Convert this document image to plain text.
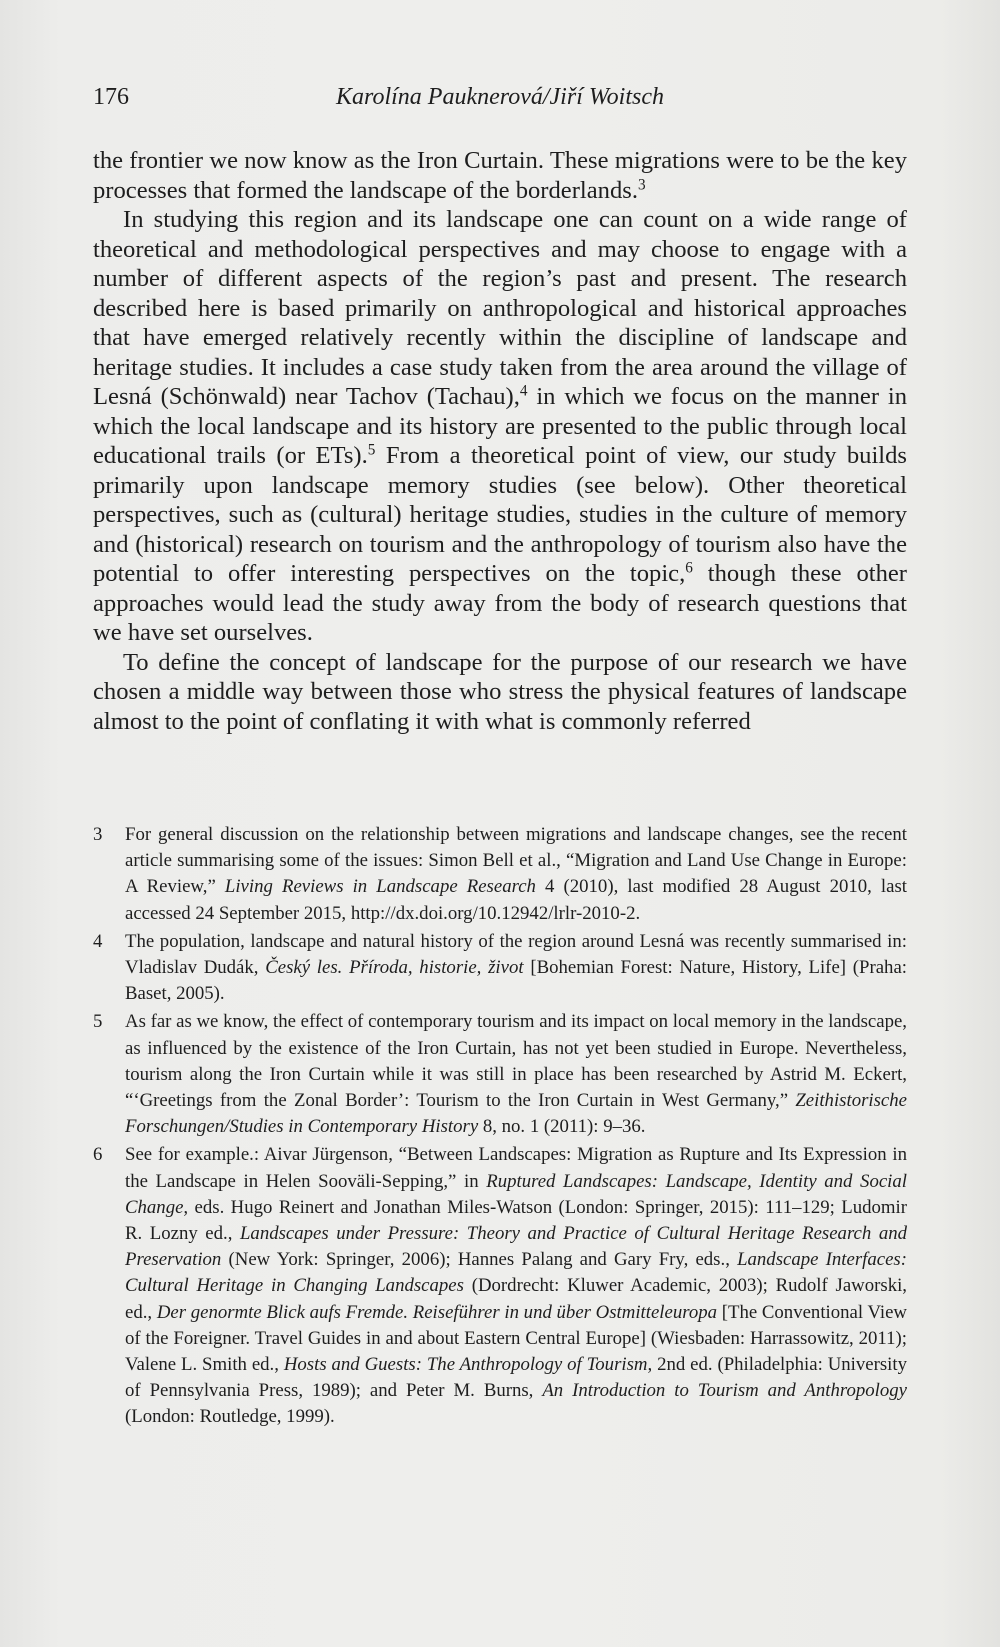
176	Karolína Pauknerová/Jiří Woitsch

the frontier we now know as the Iron Curtain. These migrations were to be the key processes that formed the landscape of the borderlands.$^3$

In studying this region and its landscape one can count on a wide range of theoretical and methodological perspectives and may choose to engage with a number of different aspects of the region’s past and present. The research described here is based primarily on anthropological and historical approaches that have emerged relatively recently within the discipline of landscape and heritage studies. It includes a case study taken from the area around the village of Lesná (Schönwald) near Tachov (Tachau),$^4$ in which we focus on the manner in which the local landscape and its history are presented to the public through local educational trails (or ETs).$^5$ From a theoretical point of view, our study builds primarily upon landscape memory studies (see below). Other theoretical perspectives, such as (cultural) heritage studies, studies in the culture of memory and (historical) research on tourism and the anthropology of tourism also have the potential to offer interesting perspectives on the topic,$^6$ though these other approaches would lead the study away from the body of research questions that we have set ourselves.

To define the concept of landscape for the purpose of our research we have chosen a middle way between those who stress the physical features of landscape almost to the point of conflating it with what is commonly referred

3 For general discussion on the relationship between migrations and landscape changes, see the recent article summarising some of the issues: Simon Bell et al., “Migration and Land Use Change in Europe: A Review,” Living Reviews in Landscape Research 4 (2010), last modified 28 August 2010, last accessed 24 September 2015, http://dx.doi.org/10.12942/lrlr-2010-2.
4 The population, landscape and natural history of the region around Lesná was recently summarised in: Vladislav Dudák, Český les. Příroda, historie, život [Bohemian Forest: Nature, History, Life] (Praha: Baset, 2005).
5 As far as we know, the effect of contemporary tourism and its impact on local memory in the landscape, as influenced by the existence of the Iron Curtain, has not yet been studied in Europe. Nevertheless, tourism along the Iron Curtain while it was still in place has been researched by Astrid M. Eckert, “‘Greetings from the Zonal Border’: Tourism to the Iron Curtain in West Germany,” Zeithistorische Forschungen/Studies in Contemporary History 8, no. 1 (2011): 9–36.
6 See for example.: Aivar Jürgenson, “Between Landscapes: Migration as Rupture and Its Expression in the Landscape in Helen Sooväli-Sepping,” in Ruptured Landscapes: Landscape, Identity and Social Change, eds. Hugo Reinert and Jonathan Miles-Watson (London: Springer, 2015): 111–129; Ludomir R. Lozny ed., Landscapes under Pressure: Theory and Practice of Cultural Heritage Research and Preservation (New York: Springer, 2006); Hannes Palang and Gary Fry, eds., Landscape Interfaces: Cultural Heritage in Changing Landscapes (Dordrecht: Kluwer Academic, 2003); Rudolf Jaworski, ed., Der genormte Blick aufs Fremde. Reiseführer in und über Ostmitteleuropa [The Conventional View of the Foreigner. Travel Guides in and about Eastern Central Europe] (Wiesbaden: Harrassowitz, 2011); Valene L. Smith ed., Hosts and Guests: The Anthropology of Tourism, 2nd ed. (Philadelphia: University of Pennsylvania Press, 1989); and Peter M. Burns, An Introduction to Tourism and Anthropology (London: Routledge, 1999).
